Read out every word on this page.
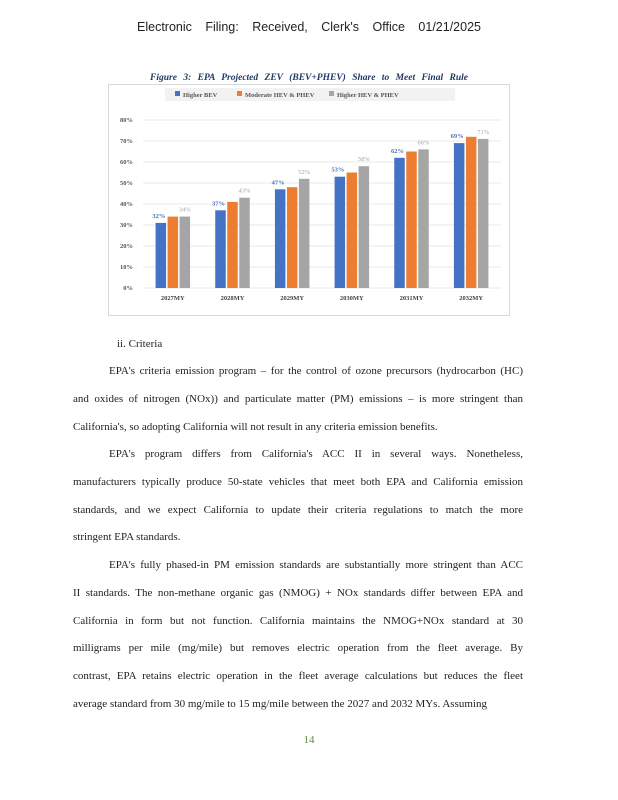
Electronic Filing: Received, Clerk's Office 01/21/2025
Figure 3: EPA Projected ZEV (BEV+PHEV) Share to Meet Final Rule
Higher BEV	Moderate HEV & PHEV	Higher HEV & PHEV
0%
10%
20%
30%
40%
50%
60%
70%
80%
2027MY	2028MY	2029MY	2030MY	2031MY	2032MY
32%
37%
47%
53%
62%
69%
34%
43%
52%
58%
66%
71%
ii. Criteria
EPA's criteria emission program – for the control of ozone precursors (hydrocarbon (HC)
and oxides of nitrogen (NOx)) and particulate matter (PM) emissions – is more stringent than
California's, so adopting California will not result in any criteria emission benefits.
EPA's program differs from California's ACC II in several ways. Nonetheless,
manufacturers typically produce 50-state vehicles that meet both EPA and California emission
standards, and we expect California to update their criteria regulations to match the more
stringent EPA standards.
EPA's fully phased-in PM emission standards are substantially more stringent than ACC
II standards. The non-methane organic gas (NMOG) + NOx standards differ between EPA and
California in form but not function. California maintains the NMOG+NOx standard at 30
milligrams per mile (mg/mile) but removes electric operation from the fleet average. By
contrast, EPA retains electric operation in the fleet average calculations but reduces the fleet
average standard from 30 mg/mile to 15 mg/mile between the 2027 and 2032 MYs. Assuming
14
